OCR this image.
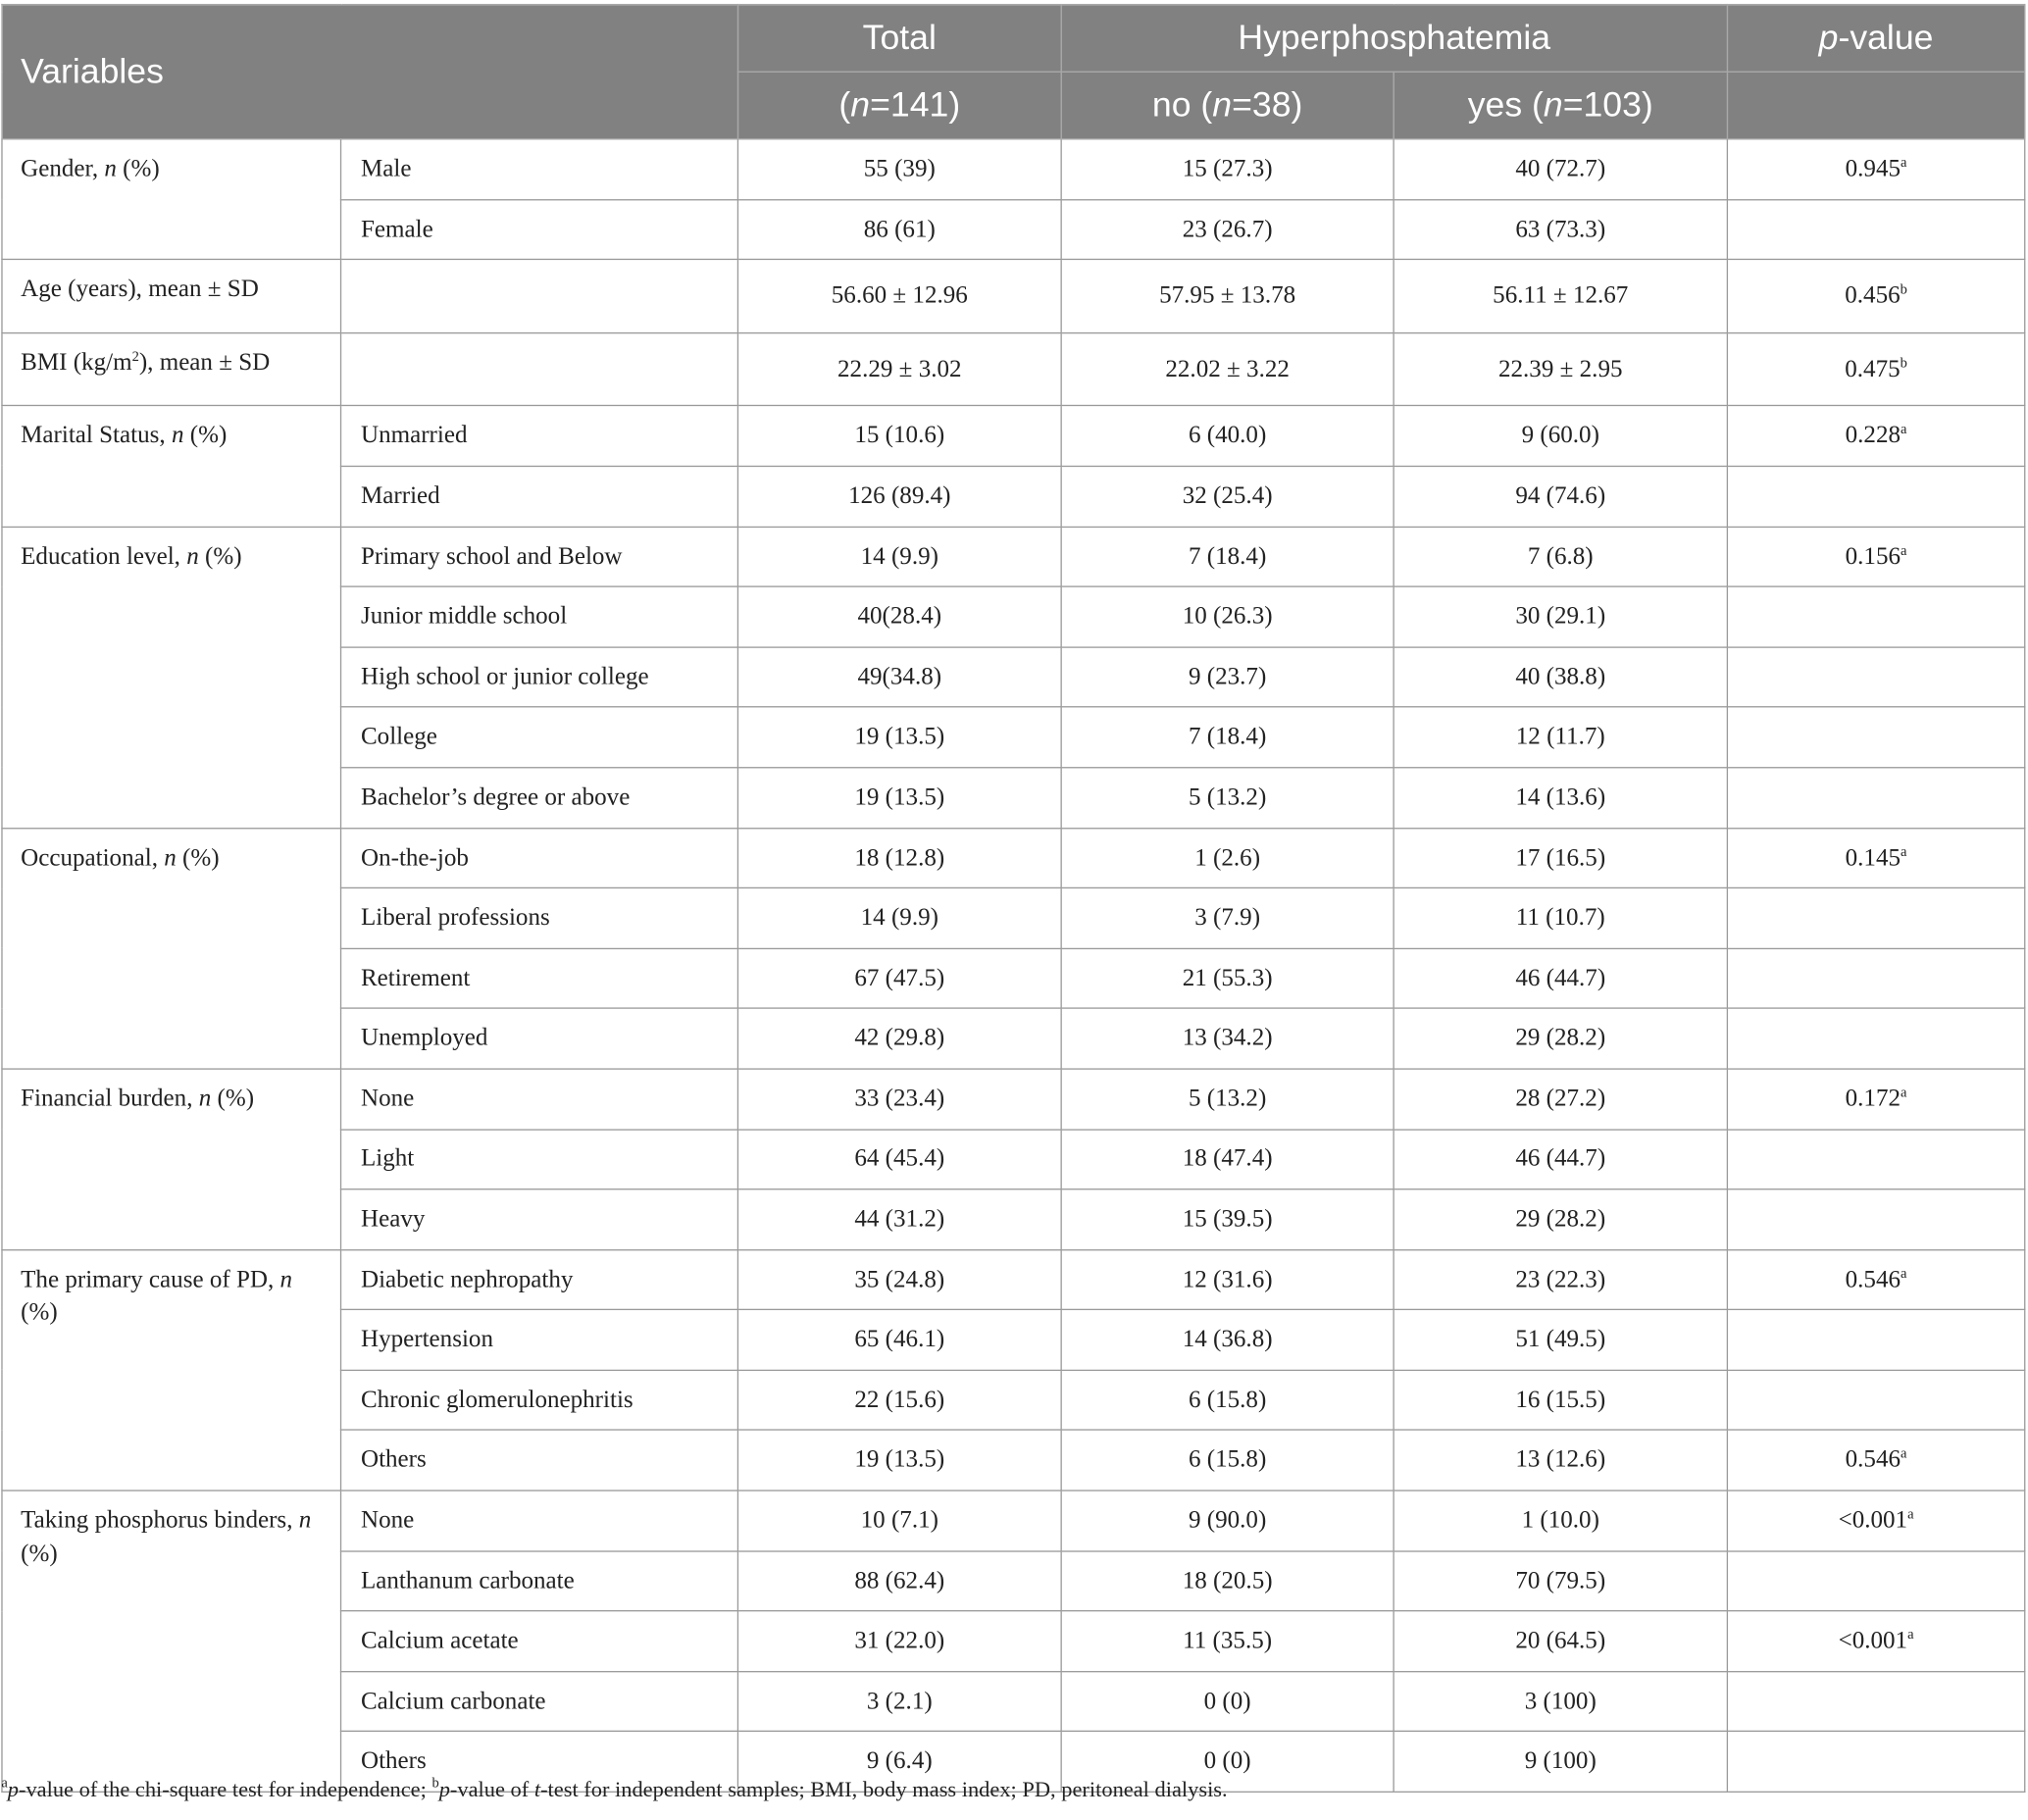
Variables		Total	Hyperphosphatemia		p-value
		(n=141)	no (n=38)	yes (n=103)	
Gender, n (%)	Male	55 (39)	15 (27.3)	40 (72.7)	0.945$^a$
	Female	86 (61)	23 (26.7)	63 (73.3)	
Age (years), mean ± SD		56.60 ± 12.96	57.95 ± 13.78	56.11 ± 12.67	0.456$^b$
BMI $(kg/m^2)$, mean ± SD		22.29 ± 3.02	22.02 ± 3.22	22.39 ± 2.95	0.475$^b$
Marital Status, n (%)	Unmarried	15 (10.6)	6 (40.0)	9 (60.0)	0.228$^a$
	Married	126 (89.4)	32 (25.4)	94 (74.6)	
Education level, n (%)	Primary school and Below	14 (9.9)	7 (18.4)	7 (6.8)	0.156$^a$
	Junior middle school	40(28.4)	10 (26.3)	30 (29.1)	
	High school or junior college	49(34.8)	9 (23.7)	40 (38.8)	
	College	19 (13.5)	7 (18.4)	12 (11.7)	
	Bachelor’s degree or above	19 (13.5)	5 (13.2)	14 (13.6)	
Occupational, n (%)	On-the-job	18 (12.8)	1 (2.6)	17 (16.5)	0.145$^a$
	Liberal professions	14 (9.9)	3 (7.9)	11 (10.7)	
	Retirement	67 (47.5)	21 (55.3)	46 (44.7)	
	Unemployed	42 (29.8)	13 (34.2)	29 (28.2)	
Financial burden, n (%)	None	33 (23.4)	5 (13.2)	28 (27.2)	0.172$^a$
	Light	64 (45.4)	18 (47.4)	46 (44.7)	
	Heavy	44 (31.2)	15 (39.5)	29 (28.2)	
The primary cause of PD, n (%)	Diabetic nephropathy	35 (24.8)	12 (31.6)	23 (22.3)	0.546$^a$
	Hypertension	65 (46.1)	14 (36.8)	51 (49.5)	
	Chronic glomerulonephritis	22 (15.6)	6 (15.8)	16 (15.5)	
	Others	19 (13.5)	6 (15.8)	13 (12.6)	0.546$^a$
Taking phosphorus binders, n (%)	None	10 (7.1)	9 (90.0)	1 (10.0)	<0.001$^a$
	Lanthanum carbonate	88 (62.4)	18 (20.5)	70 (79.5)	
	Calcium acetate	31 (22.0)	11 (35.5)	20 (64.5)	<0.001$^a$
	Calcium carbonate	3 (2.1)	0 (0)	3 (100)	
	Others	9 (6.4)	0 (0)	9 (100)	
$^a$p-value of the chi-square test for independence; $^b$p-value of t-test for independent samples; BMI, body mass index; PD, peritoneal dialysis.
